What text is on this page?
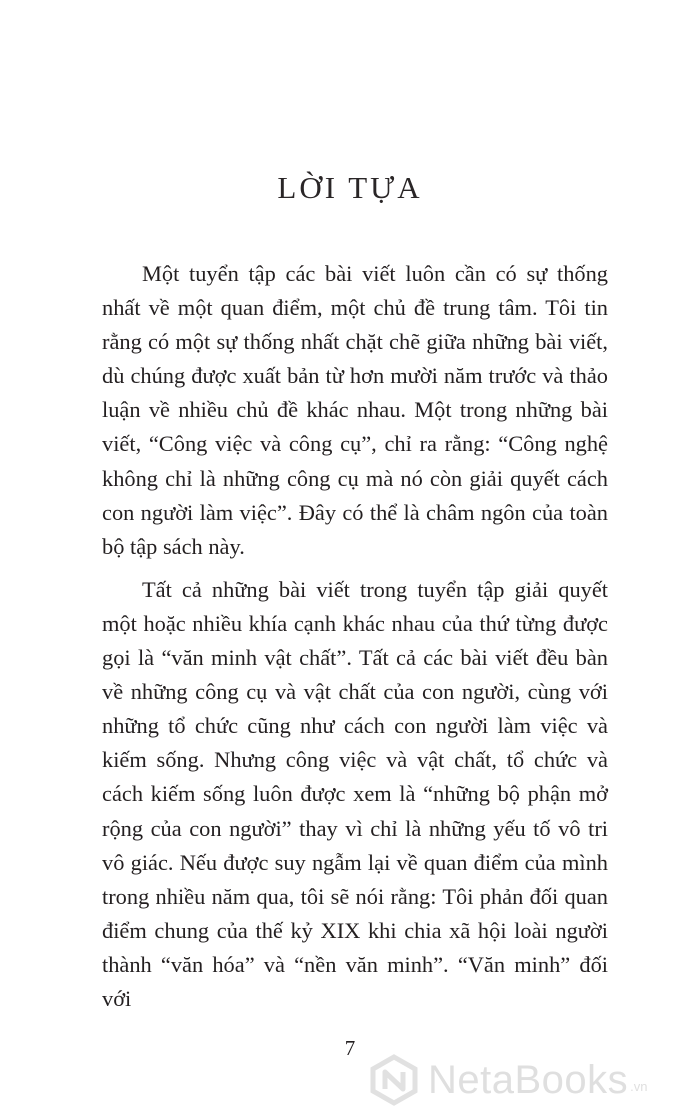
LỜI TỰA

Một tuyển tập các bài viết luôn cần có sự thống nhất về một quan điểm, một chủ đề trung tâm. Tôi tin rằng có một sự thống nhất chặt chẽ giữa những bài viết, dù chúng được xuất bản từ hơn mười năm trước và thảo luận về nhiều chủ đề khác nhau. Một trong những bài viết, “Công việc và công cụ”, chỉ ra rằng: “Công nghệ không chỉ là những công cụ mà nó còn giải quyết cách con người làm việc”. Đây có thể là châm ngôn của toàn bộ tập sách này.

Tất cả những bài viết trong tuyển tập giải quyết một hoặc nhiều khía cạnh khác nhau của thứ từng được gọi là “văn minh vật chất”. Tất cả các bài viết đều bàn về những công cụ và vật chất của con người, cùng với những tổ chức cũng như cách con người làm việc và kiếm sống. Nhưng công việc và vật chất, tổ chức và cách kiếm sống luôn được xem là “những bộ phận mở rộng của con người” thay vì chỉ là những yếu tố vô tri vô giác. Nếu được suy ngẫm lại về quan điểm của mình trong nhiều năm qua, tôi sẽ nói rằng: Tôi phản đối quan điểm chung của thế kỷ XIX khi chia xã hội loài người thành “văn hóa” và “nền văn minh”. “Văn minh” đối với

7
NetaBooks .vn
